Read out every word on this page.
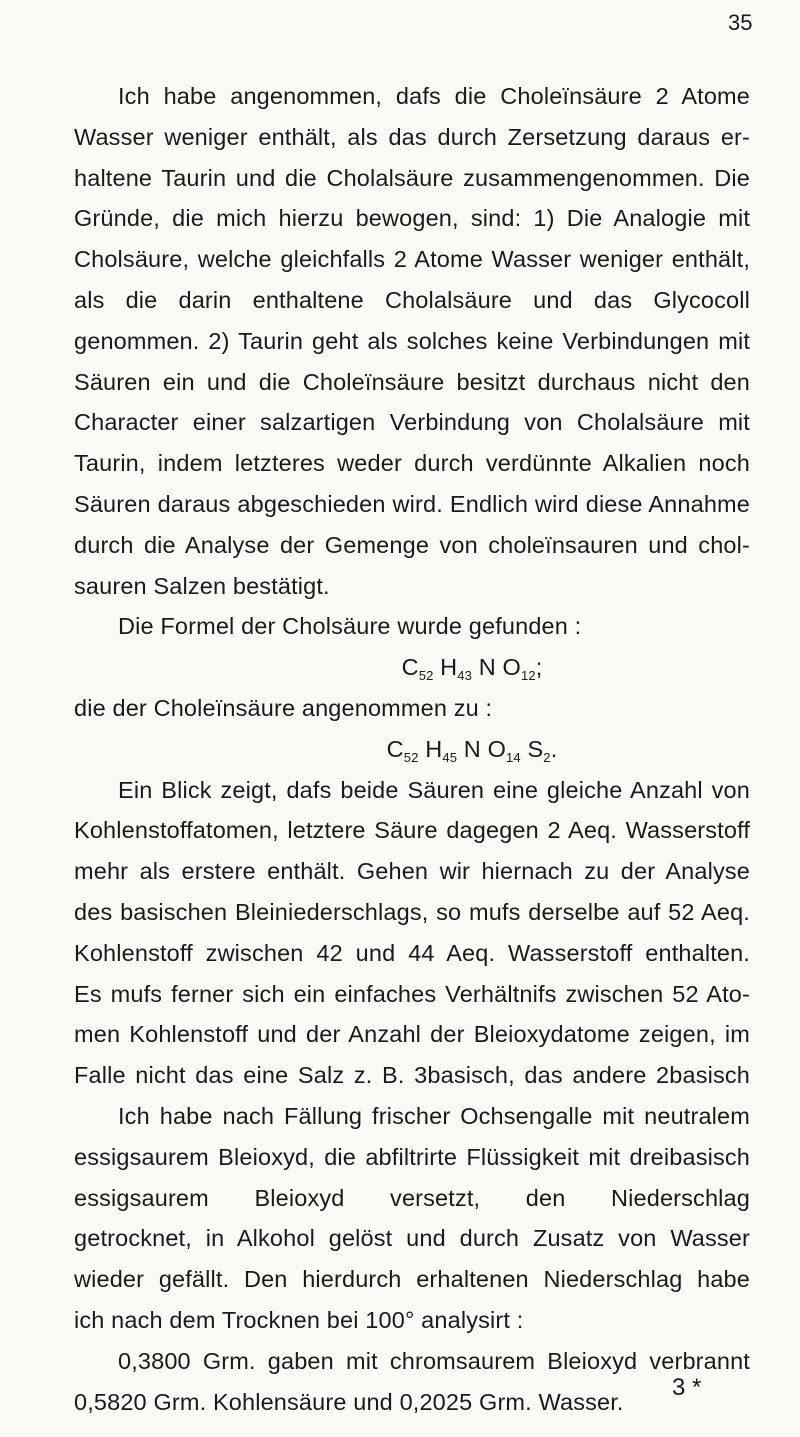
35
Ich habe angenommen, dafs die Choleïnsäure 2 Atome
Wasser weniger enthält, als das durch Zersetzung daraus er-
haltene Taurin und die Cholalsäure zusammengenommen. Die
Gründe, die mich hierzu bewogen, sind: 1) Die Analogie mit
Cholsäure, welche gleichfalls 2 Atome Wasser weniger enthält,
als die darin enthaltene Cholalsäure und das Glycocoll
genommen. 2) Taurin geht als solches keine Verbindungen mit
Säuren ein und die Choleïnsäure besitzt durchaus nicht den
Character einer salzartigen Verbindung von Cholalsäure mit
Taurin, indem letzteres weder durch verdünnte Alkalien noch
Säuren daraus abgeschieden wird. Endlich wird diese Annahme
durch die Analyse der Gemenge von choleïnsauren und chol-
sauren Salzen bestätigt.
Die Formel der Cholsäure wurde gefunden :
$C_{52}$ $H_{43}$ N $O_{12}$;
die der Choleïnsäure angenommen zu :
$C_{52}$ $H_{45}$ N $O_{14}$ $S_2$.
Ein Blick zeigt, dafs beide Säuren eine gleiche Anzahl von
Kohlenstoffatomen, letztere Säure dagegen 2 Aeq. Wasserstoff
mehr als erstere enthält. Gehen wir hiernach zu der Analyse
des basischen Bleiniederschlags, so mufs derselbe auf 52 Aeq.
Kohlenstoff zwischen 42 und 44 Aeq. Wasserstoff enthalten.
Es mufs ferner sich ein einfaches Verhältnifs zwischen 52 Ato-
men Kohlenstoff und der Anzahl der Bleioxydatome zeigen, im
Falle nicht das eine Salz z. B. 3basisch, das andere 2basisch
Ich habe nach Fällung frischer Ochsengalle mit neutralem
essigsaurem Bleioxyd, die abfiltrirte Flüssigkeit mit dreibasisch
essigsaurem Bleioxyd versetzt, den Niederschlag
getrocknet, in Alkohol gelöst und durch Zusatz von Wasser
wieder gefällt. Den hierdurch erhaltenen Niederschlag habe
ich nach dem Trocknen bei 100° analysirt :
0,3800 Grm. gaben mit chromsaurem Bleioxyd verbrannt
0,5820 Grm. Kohlensäure und 0,2025 Grm. Wasser.
3 *
